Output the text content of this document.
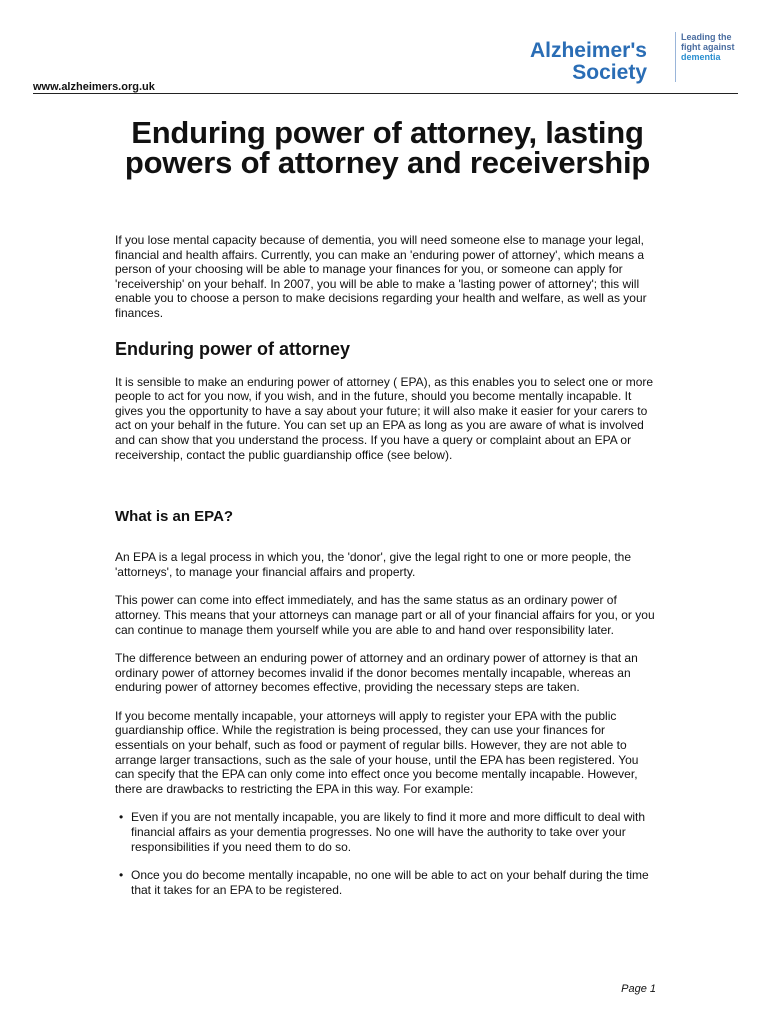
www.alzheimers.org.uk
Alzheimer's
Society
Leading the
fight against
dementia
Enduring power of attorney, lasting powers of attorney and receivership

If you lose mental capacity because of dementia, you will need someone else to manage your legal, financial and health affairs. Currently, you can make an 'enduring power of attorney', which means a person of your choosing will be able to manage your finances for you, or someone can apply for 'receivership' on your behalf. In 2007, you will be able to make a 'lasting power of attorney'; this will enable you to choose a person to make decisions regarding your health and welfare, as well as your finances.

Enduring power of attorney

It is sensible to make an enduring power of attorney ( EPA), as this enables you to select one or more people to act for you now, if you wish, and in the future, should you become mentally incapable. It gives you the opportunity to have a say about your future; it will also make it easier for your carers to act on your behalf in the future. You can set up an EPA as long as you are aware of what is involved and can show that you understand the process. If you have a query or complaint about an EPA or receivership, contact the public guardianship office (see below).

What is an EPA?

An EPA is a legal process in which you, the 'donor', give the legal right to one or more people, the 'attorneys', to manage your financial affairs and property.

This power can come into effect immediately, and has the same status as an ordinary power of attorney. This means that your attorneys can manage part or all of your financial affairs for you, or you can continue to manage them yourself while you are able to and hand over responsibility later.

The difference between an enduring power of attorney and an ordinary power of attorney is that an ordinary power of attorney becomes invalid if the donor becomes mentally incapable, whereas an enduring power of attorney becomes effective, providing the necessary steps are taken.

If you become mentally incapable, your attorneys will apply to register your EPA with the public guardianship office. While the registration is being processed, they can use your finances for essentials on your behalf, such as food or payment of regular bills. However, they are not able to arrange larger transactions, such as the sale of your house, until the EPA has been registered. You can specify that the EPA can only come into effect once you become mentally incapable. However, there are drawbacks to restricting the EPA in this way. For example:

• Even if you are not mentally incapable, you are likely to find it more and more difficult to deal with financial affairs as your dementia progresses. No one will have the authority to take over your responsibilities if you need them to do so.
• Once you do become mentally incapable, no one will be able to act on your behalf during the time that it takes for an EPA to be registered.
Page 1
